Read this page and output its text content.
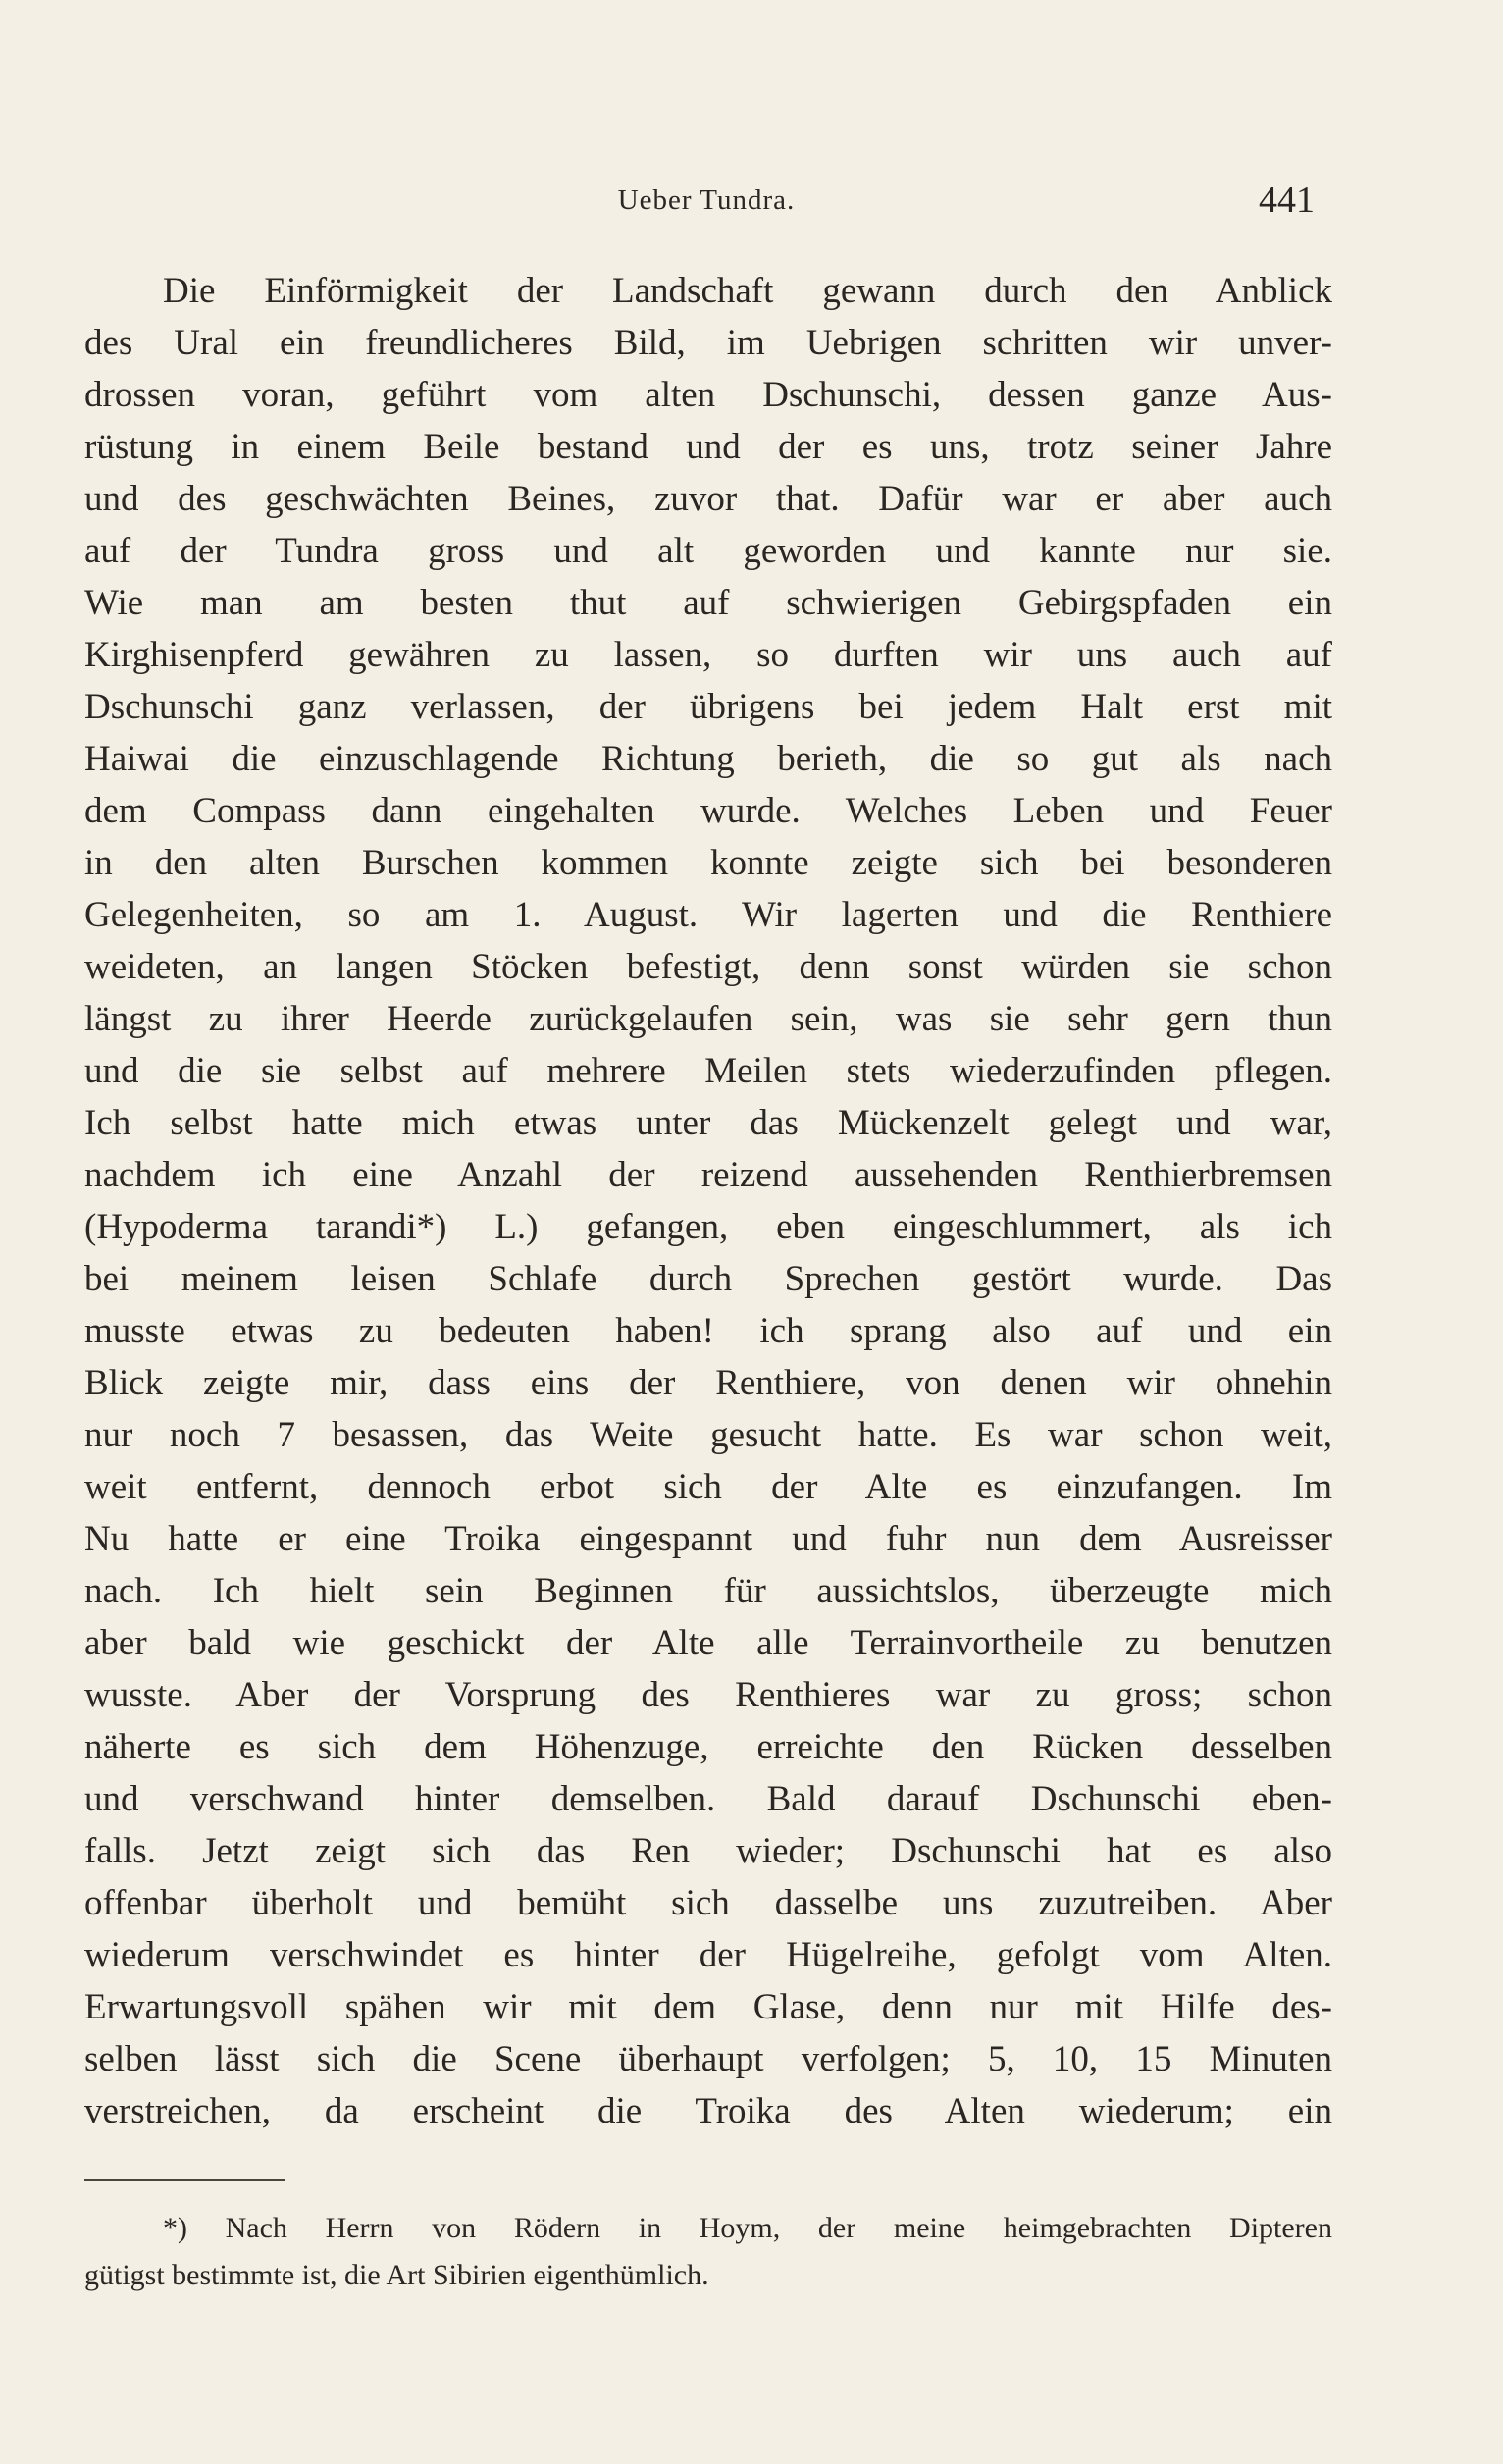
Ueber Tundra.	441
Die Einförmigkeit der Landschaft gewann durch den Anblick
des Ural ein freundlicheres Bild, im Uebrigen schritten wir unver-
drossen voran, geführt vom alten Dschunschi, dessen ganze Aus-
rüstung in einem Beile bestand und der es uns, trotz seiner Jahre
und des geschwächten Beines, zuvor that. Dafür war er aber auch
auf der Tundra gross und alt geworden und kannte nur sie.
Wie man am besten thut auf schwierigen Gebirgspfaden ein
Kirghisenpferd gewähren zu lassen, so durften wir uns auch auf
Dschunschi ganz verlassen, der übrigens bei jedem Halt erst mit
Haiwai die einzuschlagende Richtung berieth, die so gut als nach
dem Compass dann eingehalten wurde. Welches Leben und Feuer
in den alten Burschen kommen konnte zeigte sich bei besonderen
Gelegenheiten, so am 1. August. Wir lagerten und die Renthiere
weideten, an langen Stöcken befestigt, denn sonst würden sie schon
längst zu ihrer Heerde zurückgelaufen sein, was sie sehr gern thun
und die sie selbst auf mehrere Meilen stets wiederzufinden pflegen.
Ich selbst hatte mich etwas unter das Mückenzelt gelegt und war,
nachdem ich eine Anzahl der reizend aussehenden Renthierbremsen
(Hypoderma tarandi*) L.) gefangen, eben eingeschlummert, als ich
bei meinem leisen Schlafe durch Sprechen gestört wurde. Das
musste etwas zu bedeuten haben! ich sprang also auf und ein
Blick zeigte mir, dass eins der Renthiere, von denen wir ohnehin
nur noch 7 besassen, das Weite gesucht hatte. Es war schon weit,
weit entfernt, dennoch erbot sich der Alte es einzufangen. Im
Nu hatte er eine Troika eingespannt und fuhr nun dem Ausreisser
nach. Ich hielt sein Beginnen für aussichtslos, überzeugte mich
aber bald wie geschickt der Alte alle Terrainvortheile zu benutzen
wusste. Aber der Vorsprung des Renthieres war zu gross; schon
näherte es sich dem Höhenzuge, erreichte den Rücken desselben
und verschwand hinter demselben. Bald darauf Dschunschi eben-
falls. Jetzt zeigt sich das Ren wieder; Dschunschi hat es also
offenbar überholt und bemüht sich dasselbe uns zuzutreiben. Aber
wiederum verschwindet es hinter der Hügelreihe, gefolgt vom Alten.
Erwartungsvoll spähen wir mit dem Glase, denn nur mit Hilfe des-
selben lässt sich die Scene überhaupt verfolgen; 5, 10, 15 Minuten
verstreichen, da erscheint die Troika des Alten wiederum; ein
*) Nach Herrn von Rödern in Hoym, der meine heimgebrachten Dipteren
gütigst bestimmte ist, die Art Sibirien eigenthümlich.
